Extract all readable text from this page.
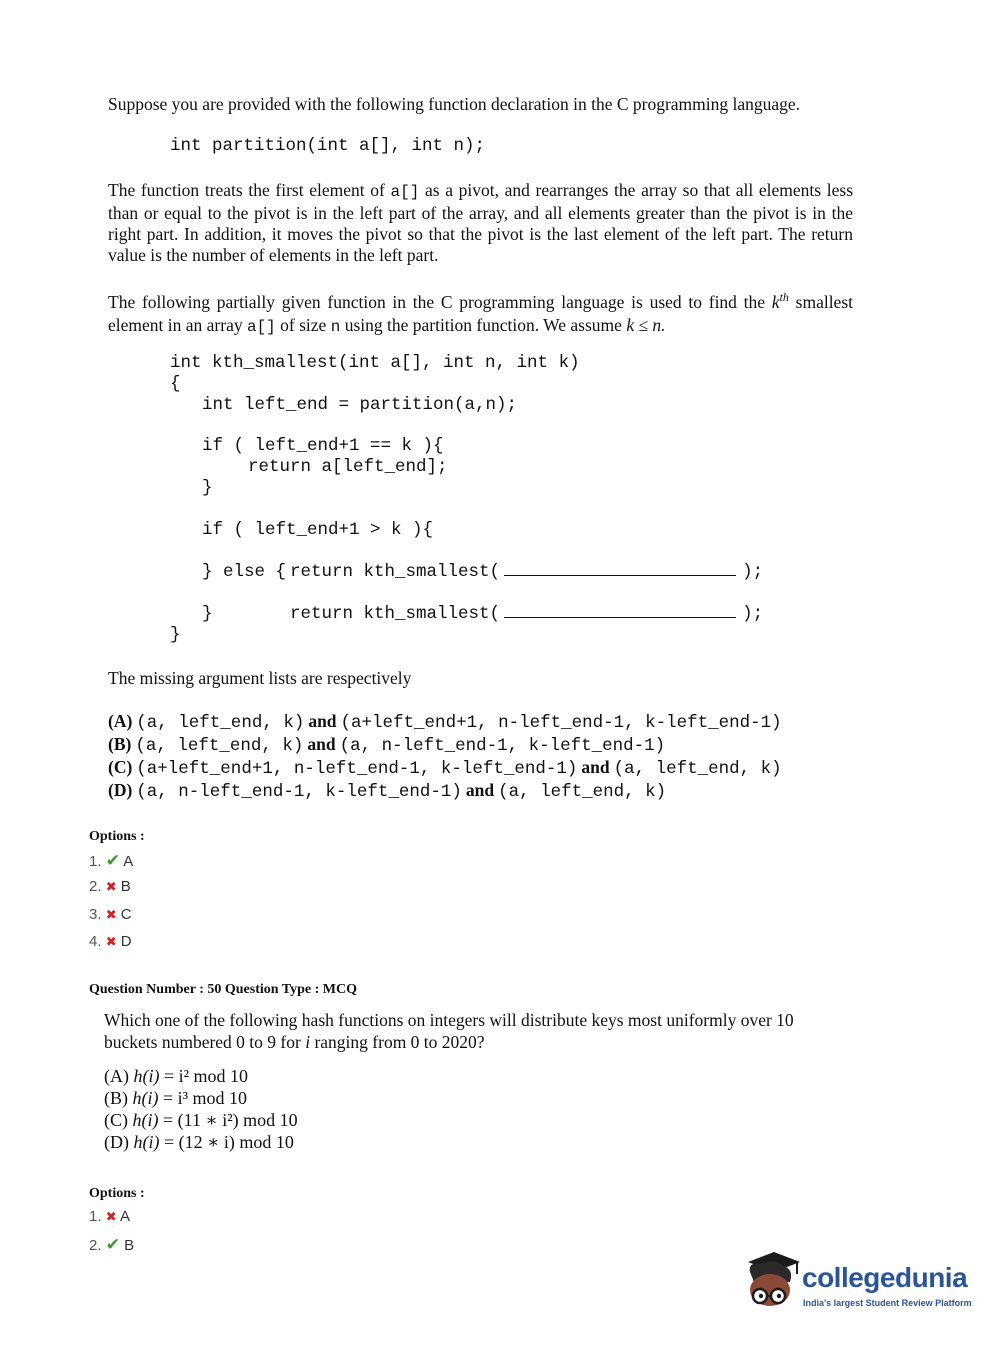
Suppose you are provided with the following function declaration in the C programming language.
int partition(int a[], int n);
The function treats the first element of a[] as a pivot, and rearranges the array so that all elements less than or equal to the pivot is in the left part of the array, and all elements greater than the pivot is in the right part. In addition, it moves the pivot so that the pivot is the last element of the left part. The return value is the number of elements in the left part.
The following partially given function in the C programming language is used to find the $k^{th}$ smallest element in an array a[] of size n using the partition function. We assume k ≤ n.
int kth_smallest(int a[], int n, int k)
{
int left_end = partition(a,n);
if ( left_end+1 == k ){
return a[left_end];
}
if ( left_end+1 > k ){

return kth_smallest(	);

} else {

return kth_smallest(	);

}
}
The missing argument lists are respectively
(A) (a, left_end, k) and (a+left_end+1, n-left_end-1, k-left_end-1)
(B) (a, left_end, k) and (a, n-left_end-1, k-left_end-1)
(C) (a+left_end+1, n-left_end-1, k-left_end-1) and (a, left_end, k)
(D) (a, n-left_end-1, k-left_end-1) and (a, left_end, k)
Options :
1. ✔ A
2. ✖ B
3. ✖ C
4. ✖ D
Question Number : 50 Question Type : MCQ
Which one of the following hash functions on integers will distribute keys most uniformly over 10 buckets numbered 0 to 9 for i ranging from 0 to 2020?
(A) h(i) = i² mod 10
(B) h(i) = i³ mod 10
(C) h(i) = (11 ∗ i²) mod 10
(D) h(i) = (12 ∗ i) mod 10
Options :
1. ✖ A
2. ✔ B
collegedunia
India's largest Student Review Platform
